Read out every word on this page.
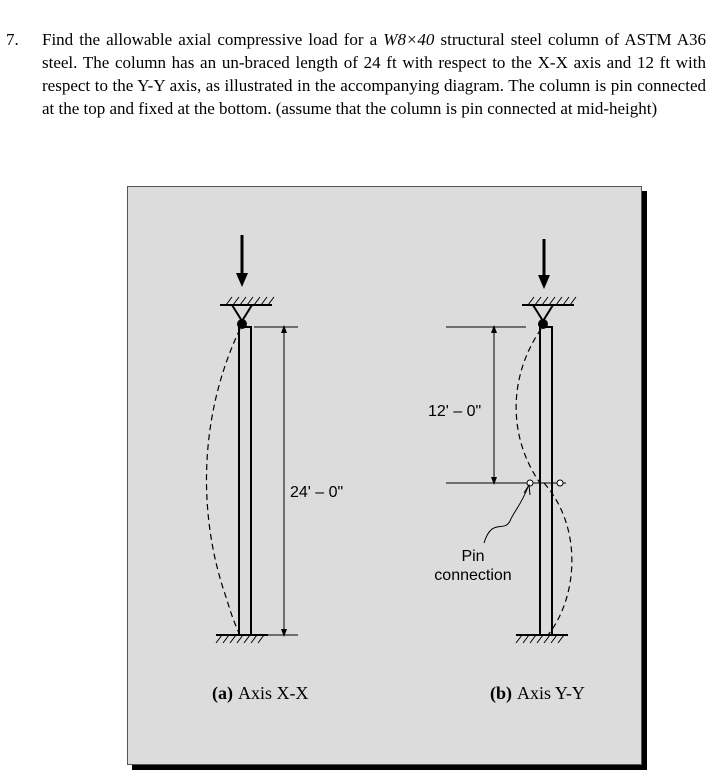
7.	Find the allowable axial compressive load for a W8×40 structural steel column of ASTM A36 steel. The column has an un-braced length of 24 ft with respect to the X-X axis and 12 ft with respect to the Y-Y axis, as illustrated in the accompanying diagram. The column is pin connected at the top and fixed at the bottom. (assume that the column is pin connected at mid-height)
24' – 0"
(a) Axis X-X
12' – 0"
Pin
connection
(b) Axis Y-Y
